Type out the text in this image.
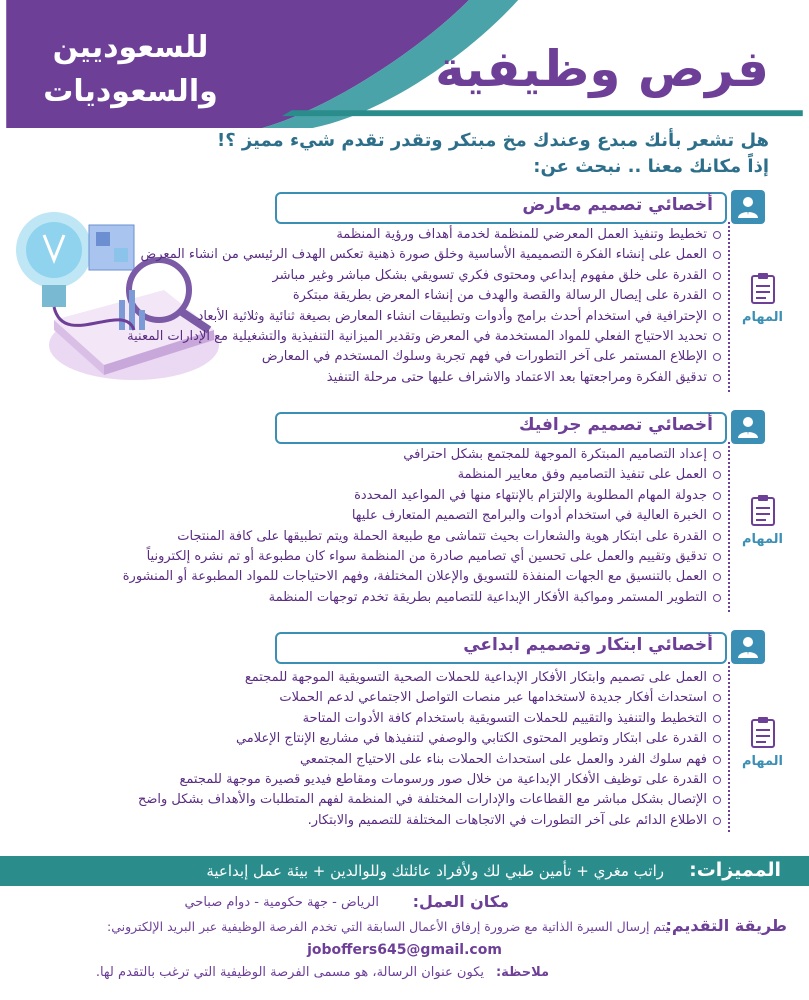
فرص وظيفية
للسعوديين
والسعوديات
هل تشعر بأنك مبدع وعندك مخ مبتكر وتقدر تقدم شيء مميز ؟!
إذاً مكانك معنا .. نبحث عن:
أخصائي تصميم معارض
تخطيط وتنفيذ العمل المعرضي للمنظمة لخدمة أهداف ورؤية المنظمة
العمل على إنشاء الفكرة التصميمية الأساسية وخلق صورة ذهنية تعكس الهدف الرئيسي من انشاء المعرض
القدرة على خلق مفهوم إبداعي ومحتوى فكري تسويقي بشكل مباشر وغير مباشر
القدرة على إيصال الرسالة والقصة والهدف من إنشاء المعرض بطريقة مبتكرة
الإحترافية في استخدام أحدث برامج وأدوات وتطبيقات انشاء المعارض بصيغة ثنائية وثلاثية الأبعاد
تحديد الاحتياج الفعلي للمواد المستخدمة في المعرض وتقدير الميزانية التنفيذية والتشغيلية مع الإدارات المعنية
الإطلاع المستمر على آخر التطورات في فهم تجربة وسلوك المستخدم في المعارض
تدقيق الفكرة ومراجعتها بعد الاعتماد والاشراف عليها حتى مرحلة التنفيذ
المهام
أخصائي تصميم جرافيك
إعداد التصاميم المبتكرة الموجهة للمجتمع بشكل احترافي
العمل على تنفيذ التصاميم وفق معايير المنظمة
جدولة المهام المطلوبة والإلتزام بالإنتهاء منها في المواعيد المحددة
الخبرة العالية في استخدام أدوات والبرامج التصميم المتعارف عليها
القدرة على ابتكار هوية والشعارات بحيث تتماشى مع طبيعة الحملة ويتم تطبيقها على كافة المنتجات
تدقيق وتقييم والعمل على تحسين أي تصاميم صادرة من المنظمة سواء كان مطبوعة أو تم نشره إلكترونياً
العمل بالتنسيق مع الجهات المنفذة للتسويق والإعلان المختلفة، وفهم الاحتياجات للمواد المطبوعة أو المنشورة
التطوير المستمر ومواكبة الأفكار الإبداعية للتصاميم بطريقة تخدم توجهات المنظمة
المهام
أخصائي ابتكار وتصميم ابداعي
العمل على تصميم وابتكار الأفكار الإبداعية للحملات الصحية التسويقية الموجهة للمجتمع
استحداث أفكار جديدة لاستخدامها عبر منصات التواصل الاجتماعي لدعم الحملات
التخطيط والتنفيذ والتقييم للحملات التسويقية باستخدام كافة الأدوات المتاحة
القدرة على ابتكار وتطوير المحتوى الكتابي والوصفي لتنفيذها في مشاريع الإنتاج الإعلامي
فهم سلوك الفرد والعمل على استحداث الحملات بناء على الاحتياج المجتمعي
القدرة على توظيف الأفكار الإبداعية من خلال صور ورسومات ومقاطع فيديو قصيرة موجهة للمجتمع
الإتصال بشكل مباشر مع القطاعات والإدارات المختلفة في المنظمة لفهم المتطلبات والأهداف بشكل واضح
الاطلاع الدائم على آخر التطورات في الاتجاهات المختلفة للتصميم والابتكار.
المهام
المميزات:
راتب مغري + تأمين طبي لك ولأفراد عائلتك وللوالدين + بيئة عمل إبداعية
مكان العمل:
الرياض - جهة حكومية - دوام صباحي
طريقة التقديم:
يتم إرسال السيرة الذاتية مع ضرورة إرفاق الأعمال السابقة التي تخدم الفرصة الوظيفية عبر البريد الإلكتروني:
joboffers645@gmail.com
ملاحظة:
يكون عنوان الرسالة، هو مسمى الفرصة الوظيفية التي ترغب بالتقدم لها.
